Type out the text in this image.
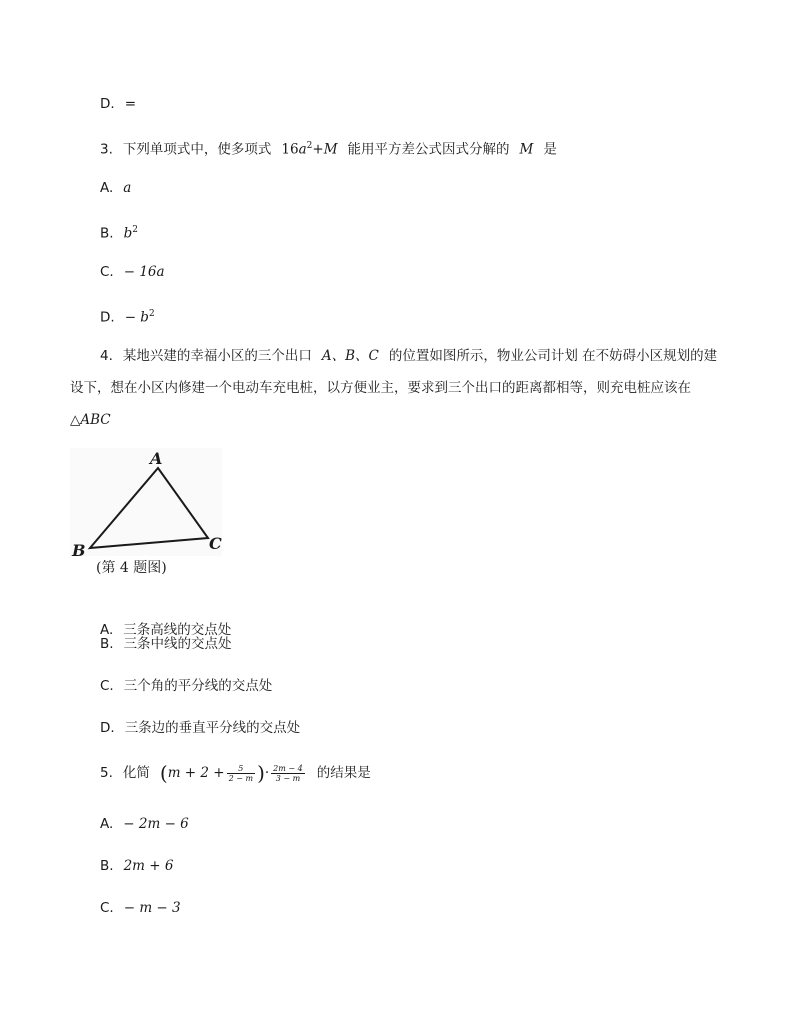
D. =
3. 下列单项式中，使多项式 $16a^2+M$ 能用平方差公式因式分解的 M 是
A. a
B. $b^2$
C. − 16a
D. − $b^2$
4. 某地兴建的幸福小区的三个出口 A、B、C 的位置如图所示，物业公司计划 在不妨碍小区规划的建设下，想在小区内修建一个电动车充电桩，以方便业主，要求到三个出口的距离都相等，则充电桩应该在△ABC
A
B	C
(第 4 题图)
A. 三条高线的交点处
B. 三条中线的交点处
C. 三个角的平分线的交点处
D. 三条边的垂直平分线的交点处
5. 化简 ($m + 2 + \frac{5}{2 - m}$ )· $\frac{2m - 4}{3 - m}$ 的结果是
A. − 2m − 6
B. 2m + 6
C. − m − 3
